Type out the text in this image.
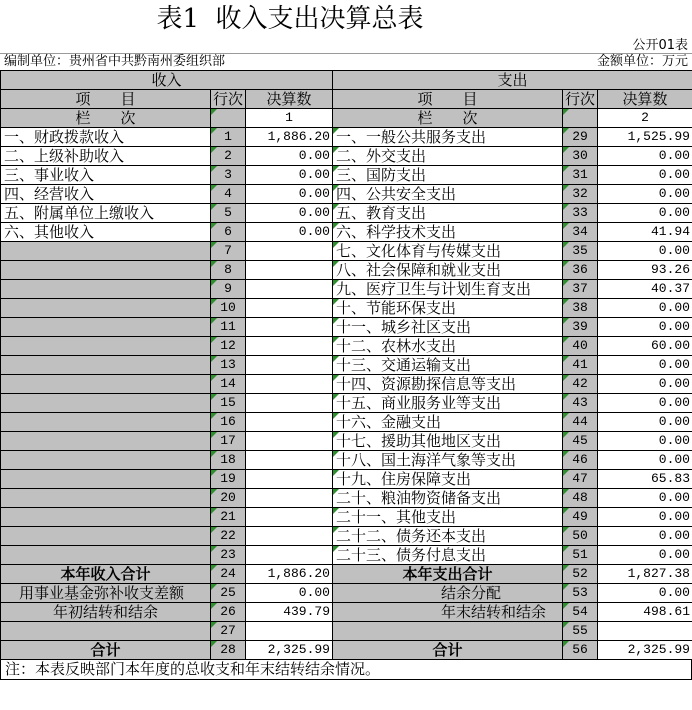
表1  收入支出决算总表
公开01表
编制单位：贵州省中共黔南州委组织部	金额单位：万元
收入			支出		
项　　目	行次	决算数	项　　目	行次	决算数
栏　　次		1	栏　　次		2
一、财政拨款收入	1	1,886.20	一、一般公共服务支出	29	1,525.99
二、上级补助收入	2	0.00	二、外交支出	30	0.00
三、事业收入	3	0.00	三、国防支出	31	0.00
四、经营收入	4	0.00	四、公共安全支出	32	0.00
五、附属单位上缴收入	5	0.00	五、教育支出	33	0.00
六、其他收入	6	0.00	六、科学技术支出	34	41.94
	7		七、文化体育与传媒支出	35	0.00
	8		八、社会保障和就业支出	36	93.26
	9		九、医疗卫生与计划生育支出	37	40.37
	10		十、节能环保支出	38	0.00
	11		十一、城乡社区支出	39	0.00
	12		十二、农林水支出	40	60.00
	13		十三、交通运输支出	41	0.00
	14		十四、资源勘探信息等支出	42	0.00
	15		十五、商业服务业等支出	43	0.00
	16		十六、金融支出	44	0.00
	17		十七、援助其他地区支出	45	0.00
	18		十八、国土海洋气象等支出	46	0.00
	19		十九、住房保障支出	47	65.83
	20		二十、粮油物资储备支出	48	0.00
	21		二十一、其他支出	49	0.00
	22		二十二、债务还本支出	50	0.00
	23		二十三、债务付息支出	51	0.00
本年收入合计	24	1,886.20	本年支出合计	52	1,827.38
用事业基金弥补收支差额	25	0.00	结余分配	53	0.00
年初结转和结余	26	439.79	年末结转和结余	54	498.61
	27			55	
合计	28	2,325.99	合计	56	2,325.99
注：本表反映部门本年度的总收支和年末结转结余情况。
